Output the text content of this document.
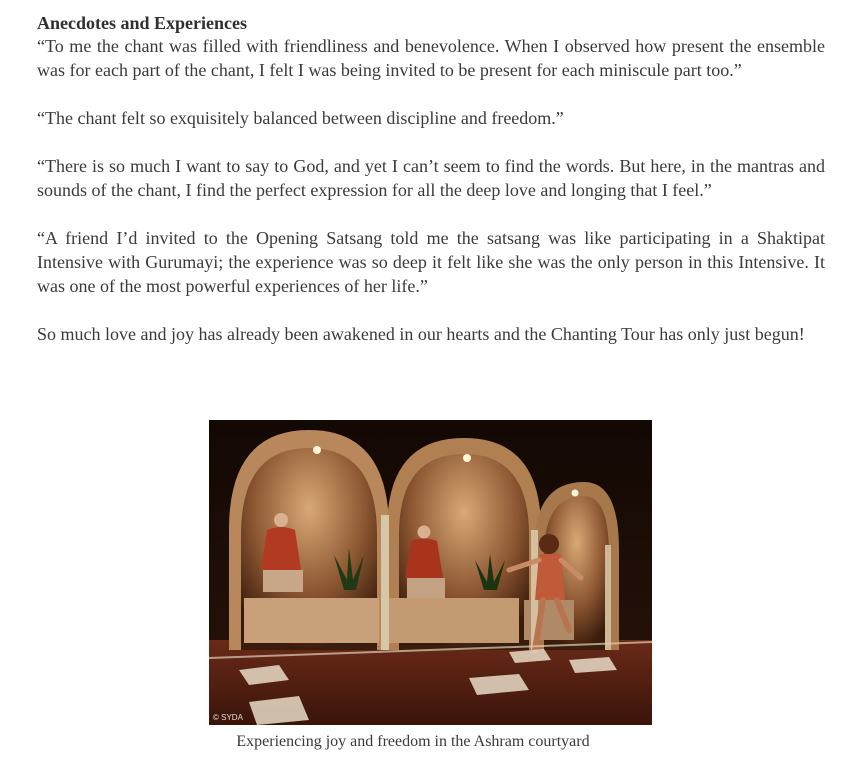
Anecdotes and Experiences

“To me the chant was filled with friendliness and benevolence. When I observed how present the ensemble was for each part of the chant, I felt I was being invited to be present for each miniscule part too.”

“The chant felt so exquisitely balanced between discipline and freedom.”

“There is so much I want to say to God, and yet I can’t seem to find the words. But here, in the mantras and sounds of the chant, I find the perfect expression for all the deep love and longing that I feel.”

“A friend I’d invited to the Opening Satsang told me the satsang was like participating in a Shaktipat Intensive with Gurumayi; the experience was so deep it felt like she was the only person in this Intensive. It was one of the most powerful experiences of her life.”

So much love and joy has already been awakened in our hearts and the Chanting Tour has only just begun!

© SYDA
Experiencing joy and freedom in the Ashram courtyard
